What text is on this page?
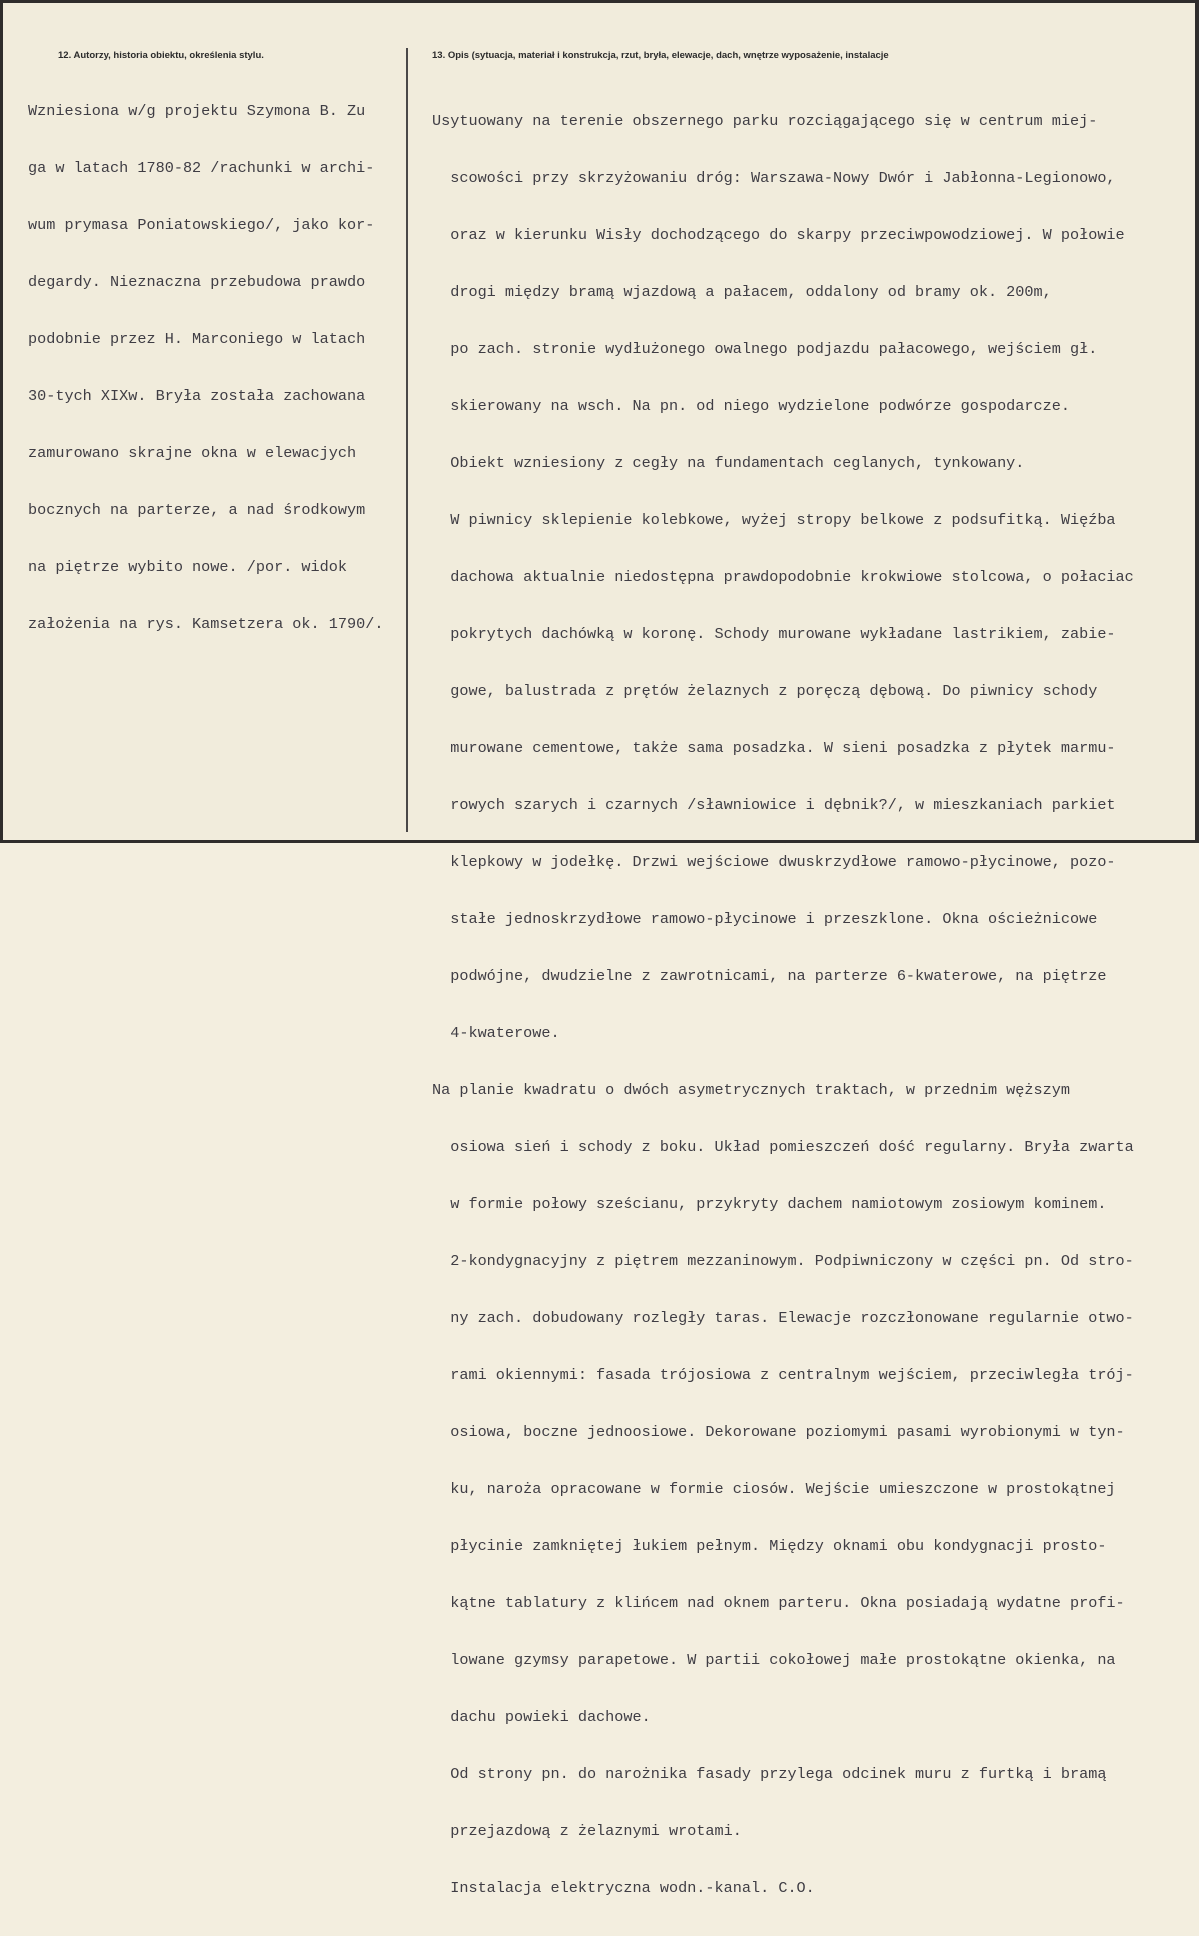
12. Autorzy, historia obiektu, określenia stylu.	13. Opis (sytuacja, materiał i konstrukcja, rzut, bryła, elewacje, dach, wnętrze wyposażenie, instalacje

Wzniesiona w/g projektu Szymona B. Zu

ga w latach 1780-82 /rachunki w archi-

wum prymasa Poniatowskiego/, jako kor-

degardy. Nieznaczna przebudowa prawdo

podobnie przez H. Marconiego w latach

30-tych XIXw. Bryła została zachowana

zamurowano skrajne okna w elewacjych

bocznych na parterze, a nad środkowym

na piętrze wybito nowe. /por. widok

założenia na rys. Kamsetzera ok. 1790/.

Usytuowany na terenie obszernego parku rozciągającego się w centrum miej-

scowości przy skrzyżowaniu dróg: Warszawa-Nowy Dwór i Jabłonna-Legionowo,

oraz w kierunku Wisły dochodzącego do skarpy przeciwpowodziowej. W połowie

drogi między bramą wjazdową a pałacem, oddalony od bramy ok. 200m,

po zach. stronie wydłużonego owalnego podjazdu pałacowego, wejściem gł.

skierowany na wsch. Na pn. od niego wydzielone podwórze gospodarcze.

Obiekt wzniesiony z cegły na fundamentach ceglanych, tynkowany.

W piwnicy sklepienie kolebkowe, wyżej stropy belkowe z podsufitką. Więźba

dachowa aktualnie niedostępna prawdopodobnie krokwiowe stolcowa, o połaciac

pokrytych dachówką w koronę. Schody murowane wykładane lastrikiem, zabie-

gowe, balustrada z prętów żelaznych z poręczą dębową. Do piwnicy schody

murowane cementowe, także sama posadzka. W sieni posadzka z płytek marmu-

rowych szarych i czarnych /sławniowice i dębnik?/, w mieszkaniach parkiet

klepkowy w jodełkę. Drzwi wejściowe dwuskrzydłowe ramowo-płycinowe, pozo-

stałe jednoskrzydłowe ramowo-płycinowe i przeszklone. Okna ościeżnicowe

podwójne, dwudzielne z zawrotnicami, na parterze 6-kwaterowe, na piętrze

4-kwaterowe.

Na planie kwadratu o dwóch asymetrycznych traktach, w przednim węższym

osiowa sień i schody z boku. Układ pomieszczeń dość regularny. Bryła zwarta

w formie połowy sześcianu, przykryty dachem namiotowym zosiowym kominem.

2-kondygnacyjny z piętrem mezzaninowym. Podpiwniczony w części pn. Od stro-

ny zach. dobudowany rozległy taras. Elewacje rozczłonowane regularnie otwo-

rami okiennymi: fasada trójosiowa z centralnym wejściem, przeciwległa trój-

osiowa, boczne jednoosiowe. Dekorowane poziomymi pasami wyrobionymi w tyn-

ku, naroża opracowane w formie ciosów. Wejście umieszczone w prostokątnej

płycinie zamkniętej łukiem pełnym. Między oknami obu kondygnacji prosto-

kątne tablatury z klińcem nad oknem parteru. Okna posiadają wydatne profi-

lowane gzymsy parapetowe. W partii cokołowej małe prostokątne okienka, na

dachu powieki dachowe.

Od strony pn. do narożnika fasady przylega odcinek muru z furtką i bramą

przejazdową z żelaznymi wrotami.

Instalacja elektryczna wodn.-kanal. C.O.
